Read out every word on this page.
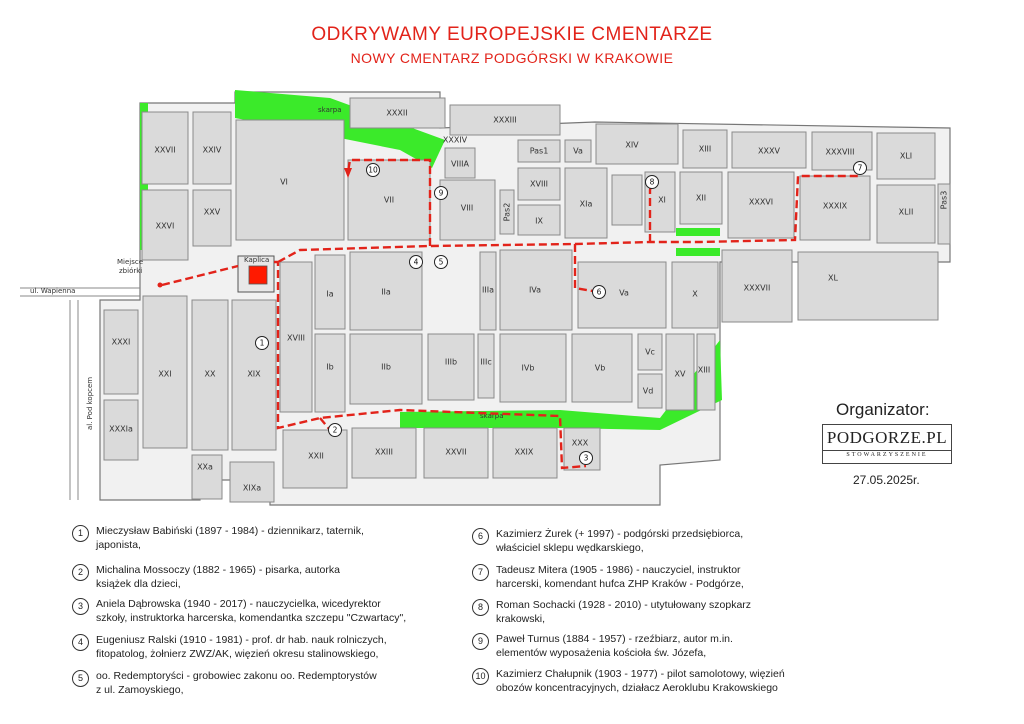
ODKRYWAMY EUROPEJSKIE CMENTARZE
NOWY CMENTARZ PODGÓRSKI W KRAKOWIE
skarpa
skarpa
XXXII
XXXIII
XXXIV
XXVII	XXIV
VI
VIIIA
Pas1	Va
XIV	XIII	XXXV	XXXVIII	XLI
XXVI
XXV
VII
VIII
XVIII
XIa	XI	XII	XXXVI	XXXIX
XLII
Pas2	IX
Pas3
Ia	IIa	IIIa	IVa	Va	X
XXXVII
XL
XXXI
XXI	XX	XIX
XVIII
Ib	IIb
IIIb	IIIc
IVb	Vb
Vc
Vd
XV XIII
XXXIa
XXII	XXIII	XXVII	XXIX
XXX
XXa
XIXa
Kaplica
ul. Wapienna
al. Pod kopcem
Miejsce
zbiórki
1
2
3
4	5
6
7
8
9
10
Organizator:
PODGORZE.PL
STOWARZYSZENIE
27.05.2025r.
1	Mieczysław Babiński (1897 - 1984) - dziennikarz, taternik,
japonista,
2	Michalina Mossoczy (1882 - 1965) - pisarka, autorka
książek dla dzieci,
3	Aniela Dąbrowska (1940 - 2017) - nauczycielka, wicedyrektor
szkoły, instruktorka harcerska, komendantka szczepu "Czwartacy",
4	Eugeniusz Ralski (1910 - 1981) - prof. dr hab. nauk rolniczych,
fitopatolog, żołnierz ZWZ/AK, więzień okresu stalinowskiego,
5	oo. Redemptoryści - grobowiec zakonu oo. Redemptorystów
z ul. Zamoyskiego,
6	Kazimierz Żurek (+ 1997) - podgórski przedsiębiorca,
właściciel sklepu wędkarskiego,
7	Tadeusz Mitera (1905 - 1986) - nauczyciel, instruktor
harcerski, komendant hufca ZHP Kraków - Podgórze,
8	Roman Sochacki (1928 - 2010) - utytułowany szopkarz
krakowski,
9	Paweł Turnus (1884 - 1957) - rzeźbiarz, autor m.in.
elementów wyposażenia kościoła św. Józefa,
10	Kazimierz Chałupnik (1903 - 1977) - pilot samolotowy, więzień
obozów koncentracyjnych, działacz Aeroklubu Krakowskiego
